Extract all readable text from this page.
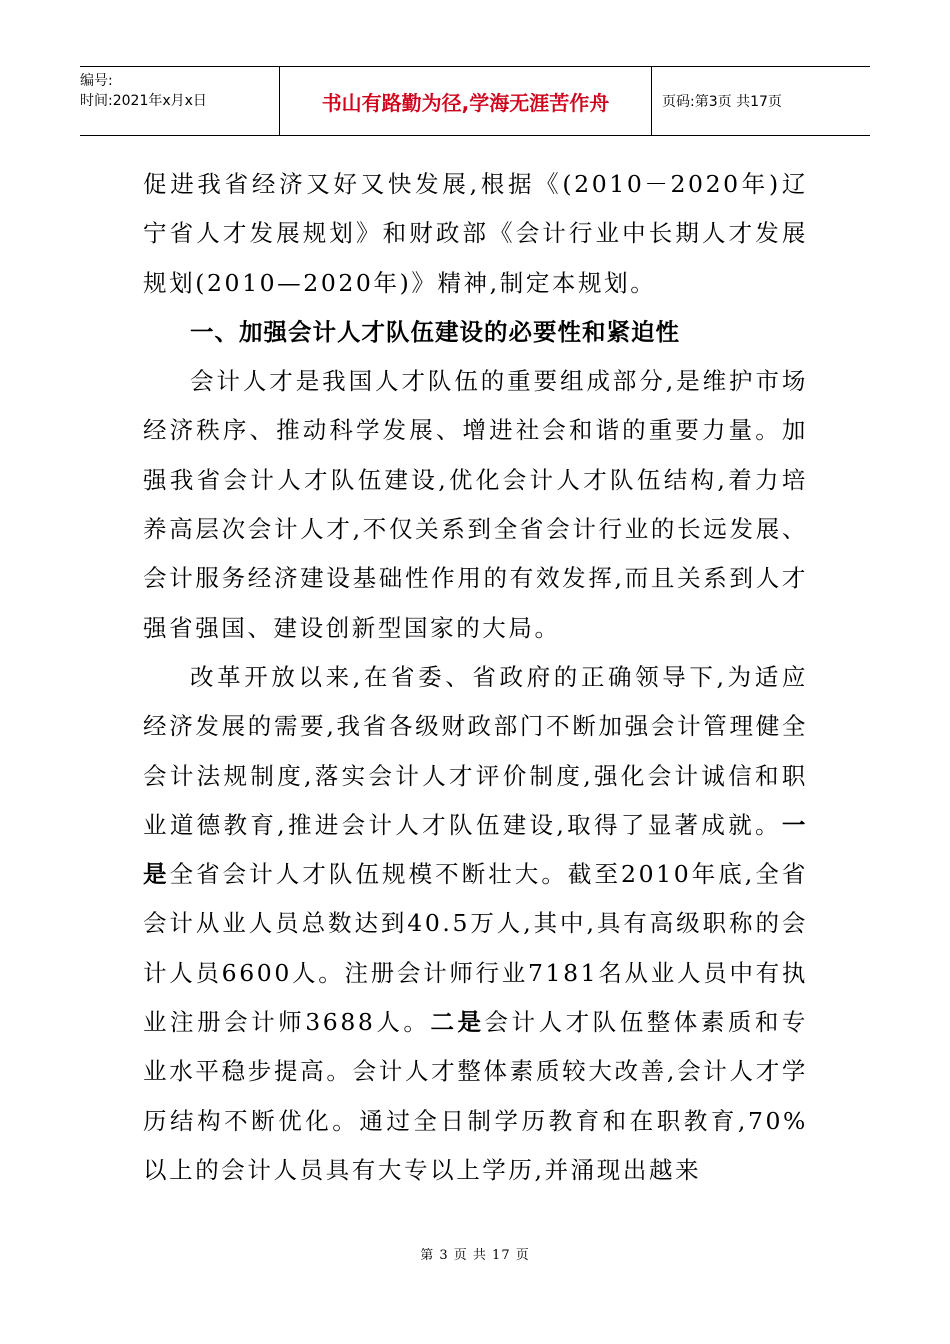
编号:
时间:2021年x月x日	书山有路勤为径,学海无涯苦作舟	页码:第3页 共17页

促进我省经济又好又快发展,根据《(2010－2020年)辽宁省人才发展规划》和财政部《会计行业中长期人才发展规划(2010—2020年)》精神,制定本规划。

一、加强会计人才队伍建设的必要性和紧迫性

会计人才是我国人才队伍的重要组成部分,是维护市场经济秩序、推动科学发展、增进社会和谐的重要力量。加强我省会计人才队伍建设,优化会计人才队伍结构,着力培养高层次会计人才,不仅关系到全省会计行业的长远发展、会计服务经济建设基础性作用的有效发挥,而且关系到人才强省强国、建设创新型国家的大局。

改革开放以来,在省委、省政府的正确领导下,为适应经济发展的需要,我省各级财政部门不断加强会计管理健全会计法规制度,落实会计人才评价制度,强化会计诚信和职业道德教育,推进会计人才队伍建设,取得了显著成就。一是全省会计人才队伍规模不断壮大。截至2010年底,全省会计从业人员总数达到40.5万人,其中,具有高级职称的会计人员6600人。注册会计师行业7181名从业人员中有执业注册会计师3688人。二是会计人才队伍整体素质和专业水平稳步提高。会计人才整体素质较大改善,会计人才学历结构不断优化。通过全日制学历教育和在职教育,70%以上的会计人员具有大专以上学历,并涌现出越来

第 3 页 共 17 页
